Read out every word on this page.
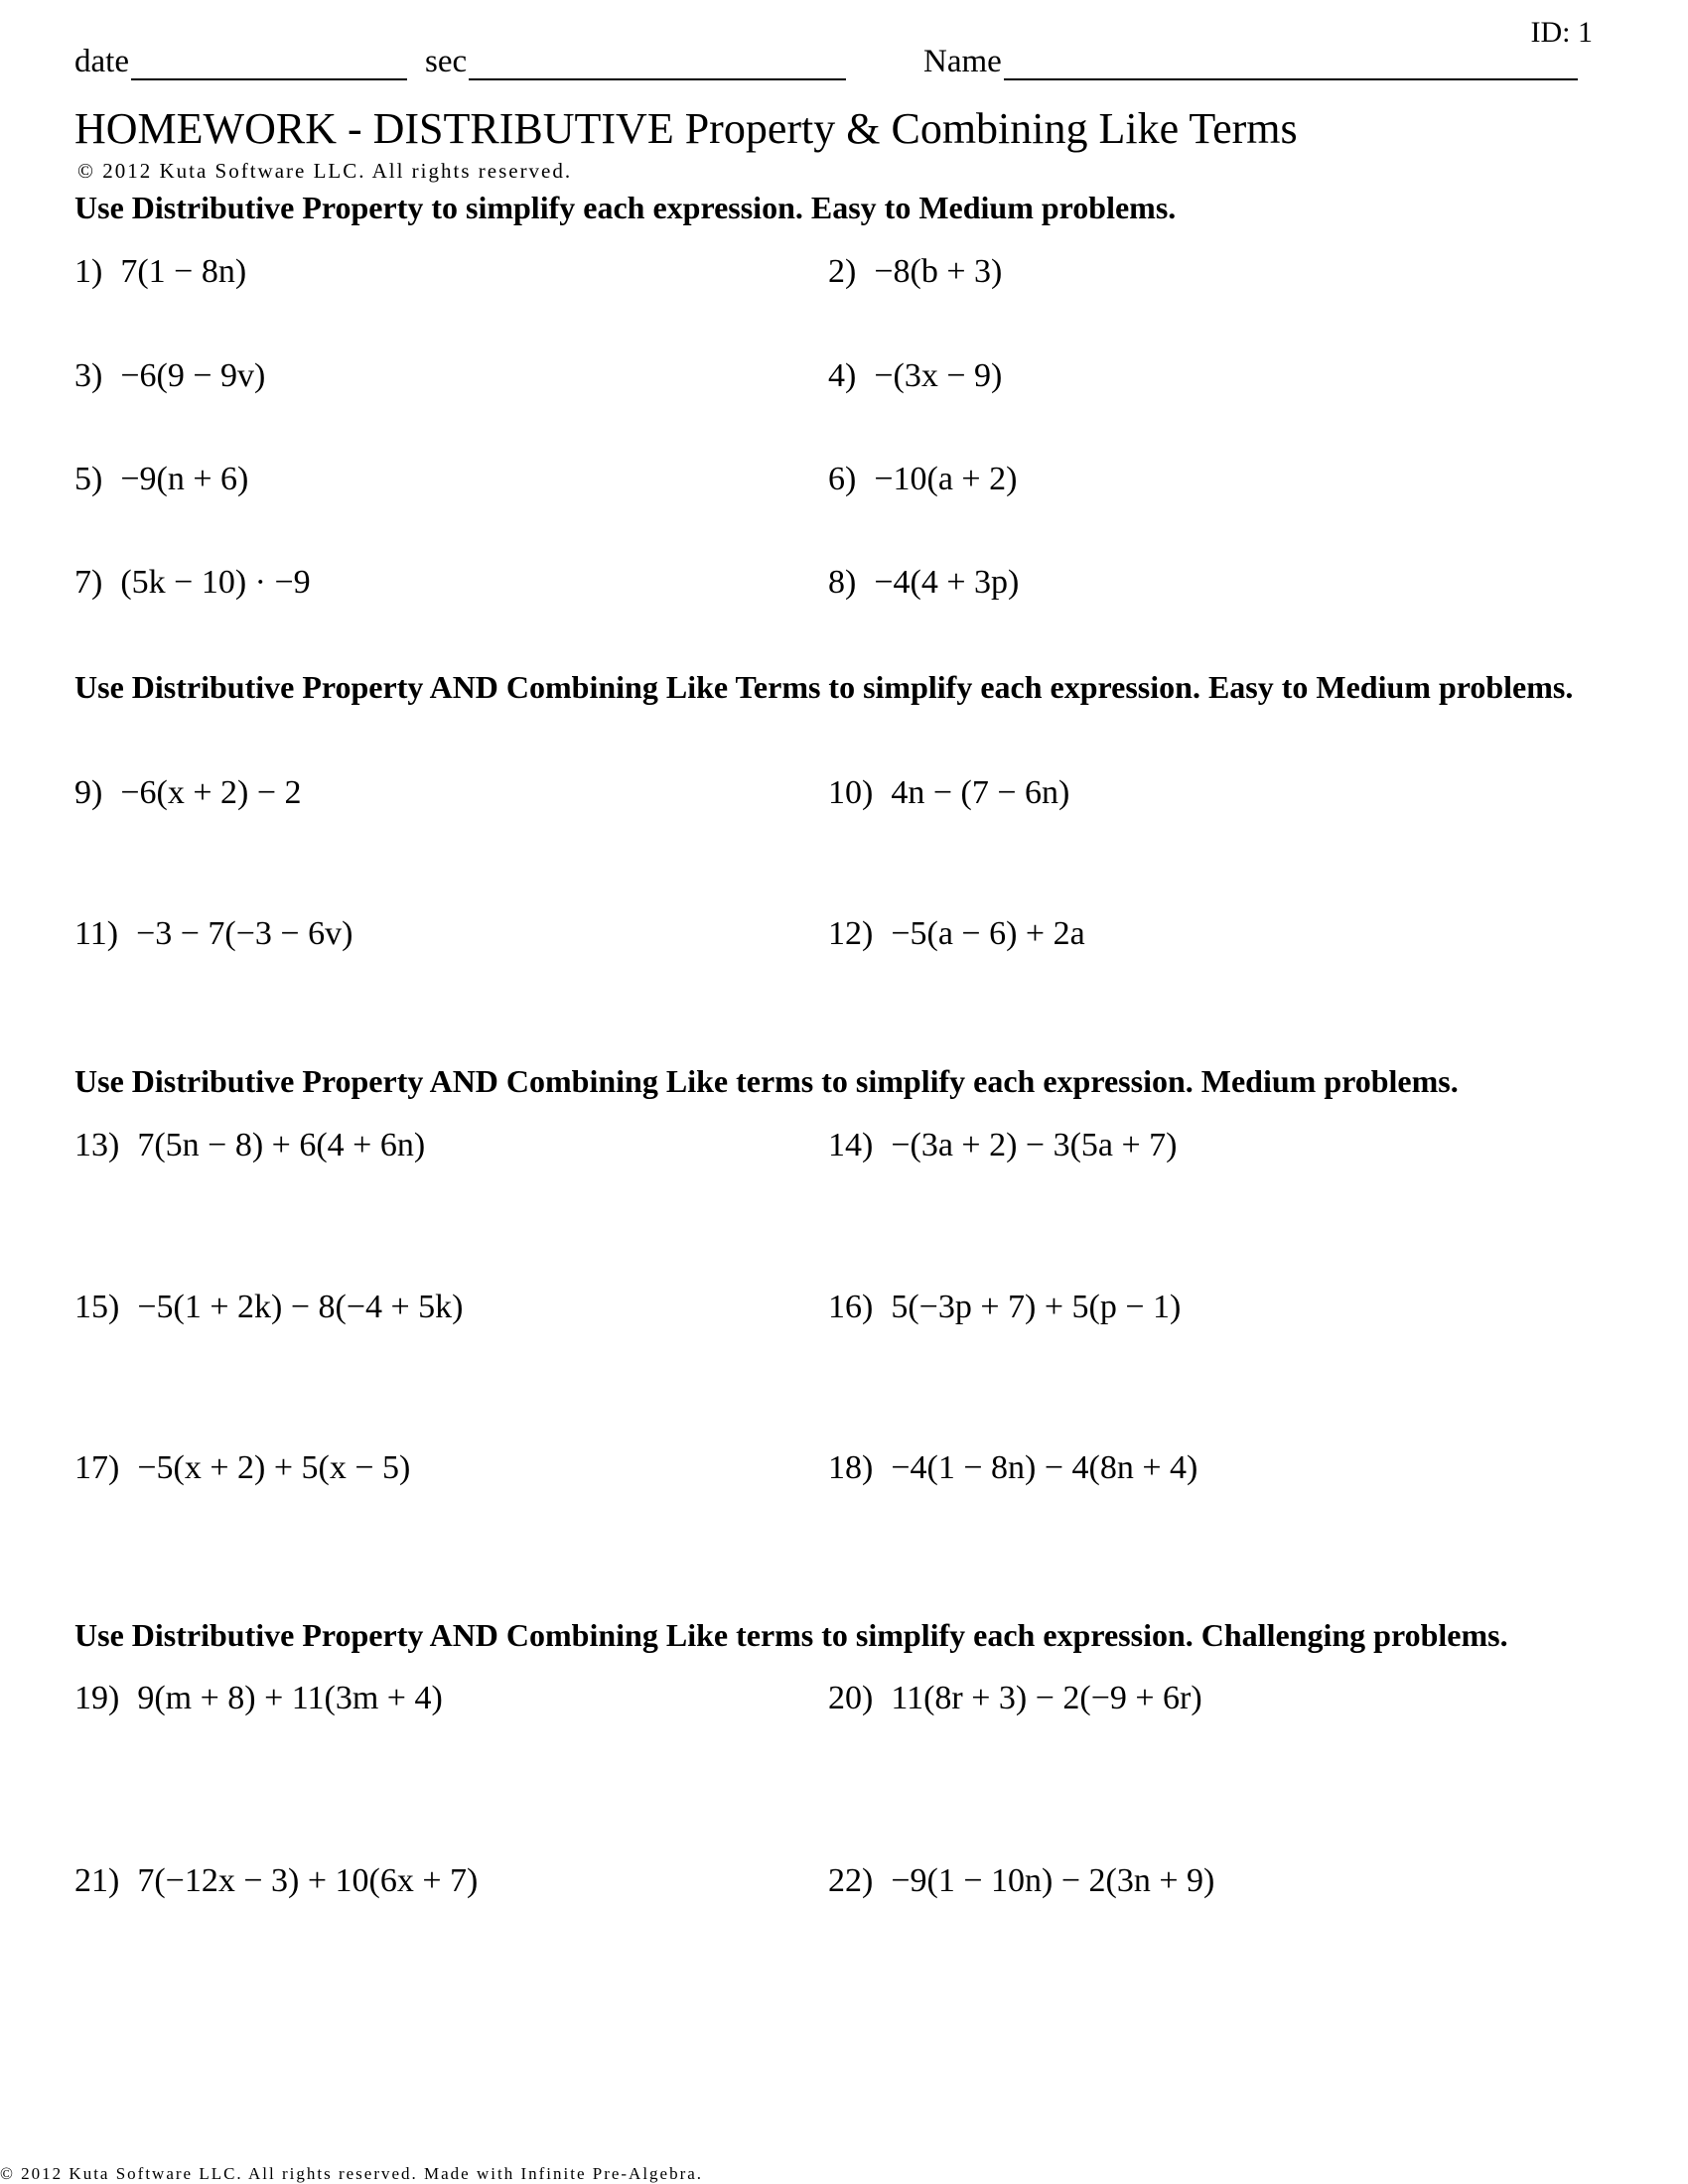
ID: 1
date	sec	Name
HOMEWORK - DISTRIBUTIVE Property & Combining Like Terms
© 2012 Kuta Software LLC. All rights reserved.
Use Distributive Property to simplify each expression. Easy to Medium problems.
Use Distributive Property AND Combining Like Terms to simplify each expression. Easy to Medium problems.
Use Distributive Property AND Combining Like terms to simplify each expression. Medium problems.
Use Distributive Property AND Combining Like terms to simplify each expression. Challenging problems.
1) 7(1 − 8n)	2) −8(b + 3)
3) −6(9 − 9v)	4) −(3x − 9)
5) −9(n + 6)	6) −10(a + 2)
7) (5k − 10) · −9	8) −4(4 + 3p)
9) −6(x + 2) − 2	10) 4n − (7 − 6n)
11) −3 − 7(−3 − 6v)	12) −5(a − 6) + 2a
13) 7(5n − 8) + 6(4 + 6n)	14) −(3a + 2) − 3(5a + 7)
15) −5(1 + 2k) − 8(−4 + 5k)	16) 5(−3p + 7) + 5(p − 1)
17) −5(x + 2) + 5(x − 5)	18) −4(1 − 8n) − 4(8n + 4)
19) 9(m + 8) + 11(3m + 4)	20) 11(8r + 3) − 2(−9 + 6r)
21) 7(−12x − 3) + 10(6x + 7)	22) −9(1 − 10n) − 2(3n + 9)
© 2012 Kuta Software LLC. All rights reserved. Made with Infinite Pre-Algebra.
